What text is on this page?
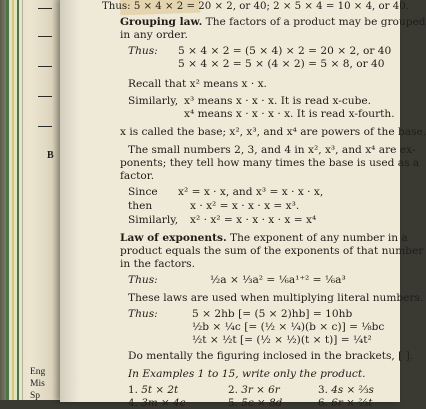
B
Eng
Mis
Sp
Thus: 5 × 4 × 2 = 20 × 2, or 40; 2 × 5 × 4 = 10 × 4, or 40.
Grouping law. The factors of a product may be grouped
in any order.
Thus: 5 × 4 × 2 = (5 × 4) × 2 = 20 × 2, or 40
5 × 4 × 2 = 5 × (4 × 2) = 5 × 8, or 40
Recall that x² means x · x.
Similarly, x³ means x · x · x. It is read x-cube.
x⁴ means x · x · x · x. It is read x-fourth.
x is called the base; x², x³, and x⁴ are powers of the base.
The small numbers 2, 3, and 4 in x², x³, and x⁴ are ex-
ponents; they tell how many times the base is used as a
factor.
Since x² = x · x, and x³ = x · x · x,
then	x · x² = x · x · x = x³.
Similarly, x² · x² = x · x · x · x = x⁴
Law of exponents. The exponent of any number in a
product equals the sum of the exponents of that number
in the factors.
Thus:	½a × ⅓a² = ⅙a¹⁺² = ⅙a³
These laws are used when multiplying literal numbers.
Thus:	5 × 2hb [= (5 × 2)hb] = 10hb
½b × ¼c [= (½ × ¼)(b × c)] = ⅛bc
½t × ½t [= (½ × ½)(t × t)] = ¼t²
Do mentally the figuring inclosed in the brackets, [ ].
In Examples 1 to 15, write only the product.
1. 5t × 2t	2. 3r × 6r	3. 4s × ⅔s
4. 3m × 4c	5. 5c × 8d	6. 6r × ⅔t
